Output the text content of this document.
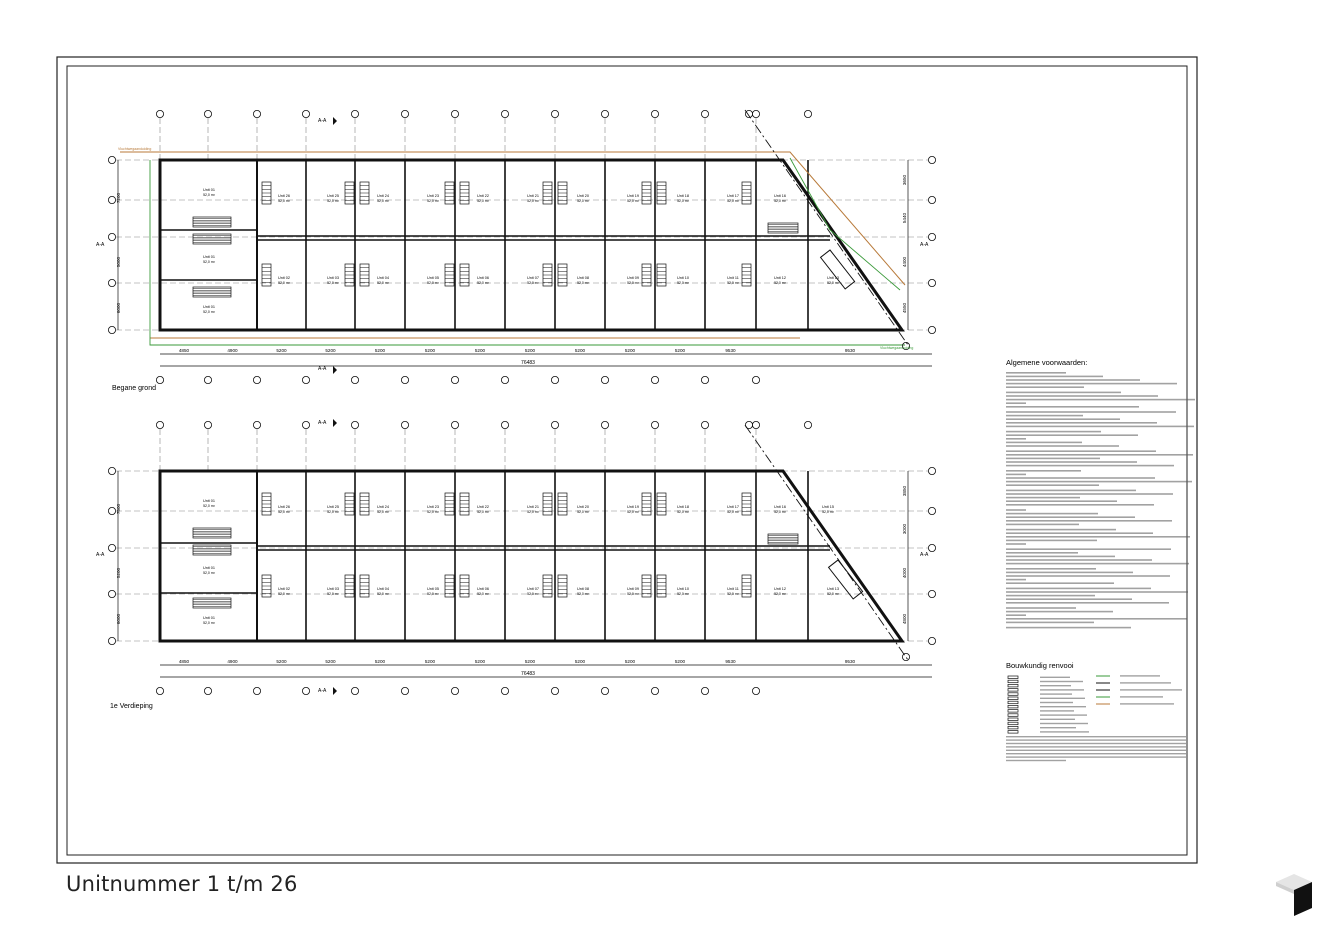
4850	4900	5200	5200	5200	5200	5200	5200	5200	5200	5200	9530	9530
76483
7200
5000
6000
3650
5440
4400
4550
Unit 26
52,0 m²
Unit 25
52,0 m²
Unit 24
52,0 m²
Unit 23
52,0 m²
Unit 22
52,0 m²
Unit 21
52,0 m²
Unit 20
52,0 m²
Unit 19
52,0 m²
Unit 18
52,0 m²
Unit 17
52,0 m²
Unit 16
52,0 m²
Unit 02
52,0 m²
Unit 03
52,0 m²
Unit 04
52,0 m²
Unit 05
52,0 m²
Unit 06
52,0 m²
Unit 07
52,0 m²
Unit 08
52,0 m²
Unit 09
52,0 m²
Unit 10
52,0 m²
Unit 11
52,0 m²
Unit 12
52,0 m²
Unit 13
52,0 m²
Unit 01
52,0 m²
Unit 01
52,0 m²
Unit 01
52,0 m²
A-A
A-A
A-A	A-A
Vluchtwegaanduiding
Vluchtwegaanduiding
Begane grond
4850	4900	5200	5200	5200	5200	5200	5200	5200	5200	5200	9530	9530
76483
7500
5200
6000
3850
3000
4000
4800
Unit 26
52,0 m²
Unit 25
52,0 m²
Unit 24
52,0 m²
Unit 23
52,0 m²
Unit 22
52,0 m²
Unit 21
52,0 m²
Unit 20
52,0 m²
Unit 19
52,0 m²
Unit 18
52,0 m²
Unit 17
52,0 m²
Unit 16
52,0 m²
Unit 15
52,0 m²
Unit 02
52,0 m²
Unit 03
52,0 m²
Unit 04
52,0 m²
Unit 05
52,0 m²
Unit 06
52,0 m²
Unit 07
52,0 m²
Unit 08
52,0 m²
Unit 09
52,0 m²
Unit 10
52,0 m²
Unit 11
52,0 m²
Unit 12
52,0 m²
Unit 13
52,0 m²
Unit 01
52,0 m²
Unit 01
52,0 m²
Unit 01
52,0 m²
A-A
A-A
A-A	A-A
1e Verdieping
Algemene voorwaarden:
Bouwkundig renvooi
Unitnummer 1 t/m 26
